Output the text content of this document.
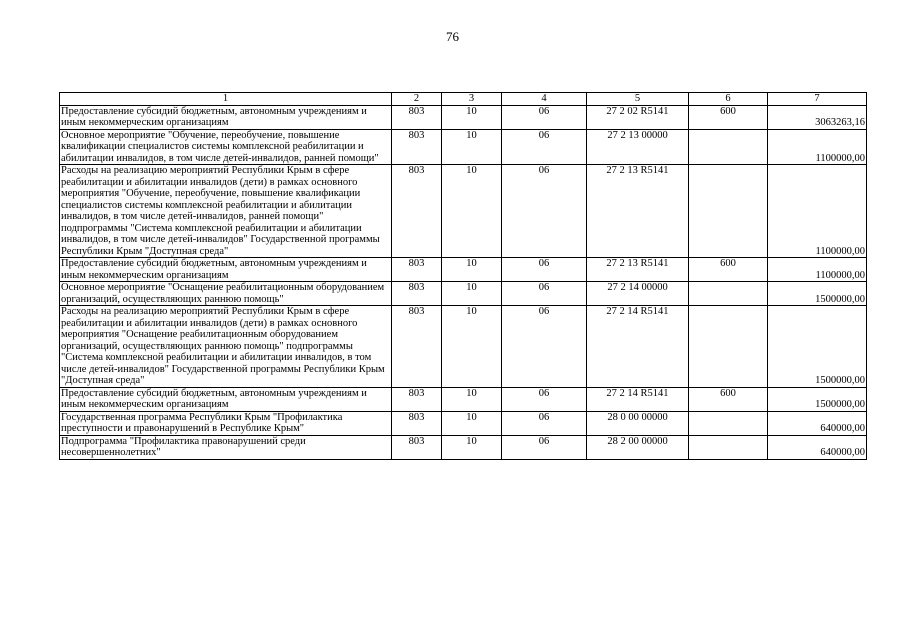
76
1	2	3	4	5	6	7
Предоставление субсидий бюджетным, автономным учреждениям и иным некоммерческим организациям	803	10	06	27 2 02 R5141	600	3063263,16
Основное мероприятие "Обучение, переобучение, повышение квалификации специалистов системы комплексной реабилитации и абилитации инвалидов, в том числе детей-инвалидов, ранней помощи"	803	10	06	27 2 13 00000		1100000,00
Расходы на реализацию мероприятий Республики Крым в сфере реабилитации и абилитации инвалидов (дети) в рамках основного мероприятия "Обучение, переобучение, повышение квалификации специалистов системы комплексной реабилитации и абилитации инвалидов, в том числе детей-инвалидов, ранней помощи" подпрограммы "Система комплексной реабилитации и абилитации инвалидов, в том числе детей-инвалидов" Государственной программы Республики Крым "Доступная среда"	803	10	06	27 2 13 R5141		1100000,00
Предоставление субсидий бюджетным, автономным учреждениям и иным некоммерческим организациям	803	10	06	27 2 13 R5141	600	1100000,00
Основное мероприятие "Оснащение реабилитационным оборудованием организаций, осуществляющих раннюю помощь"	803	10	06	27 2 14 00000		1500000,00
Расходы на реализацию мероприятий Республики Крым в сфере реабилитации и абилитации инвалидов (дети) в рамках основного мероприятия "Оснащение реабилитационным оборудованием организаций, осуществляющих раннюю помощь" подпрограммы "Система комплексной реабилитации и абилитации инвалидов, в том числе детей-инвалидов" Государственной программы Республики Крым "Доступная среда"	803	10	06	27 2 14 R5141		1500000,00
Предоставление субсидий бюджетным, автономным учреждениям и иным некоммерческим организациям	803	10	06	27 2 14 R5141	600	1500000,00
Государственная программа Республики Крым "Профилактика преступности и правонарушений в Республике Крым"	803	10	06	28 0 00 00000		640000,00
Подпрограмма "Профилактика правонарушений среди несовершеннолетних"	803	10	06	28 2 00 00000		640000,00
